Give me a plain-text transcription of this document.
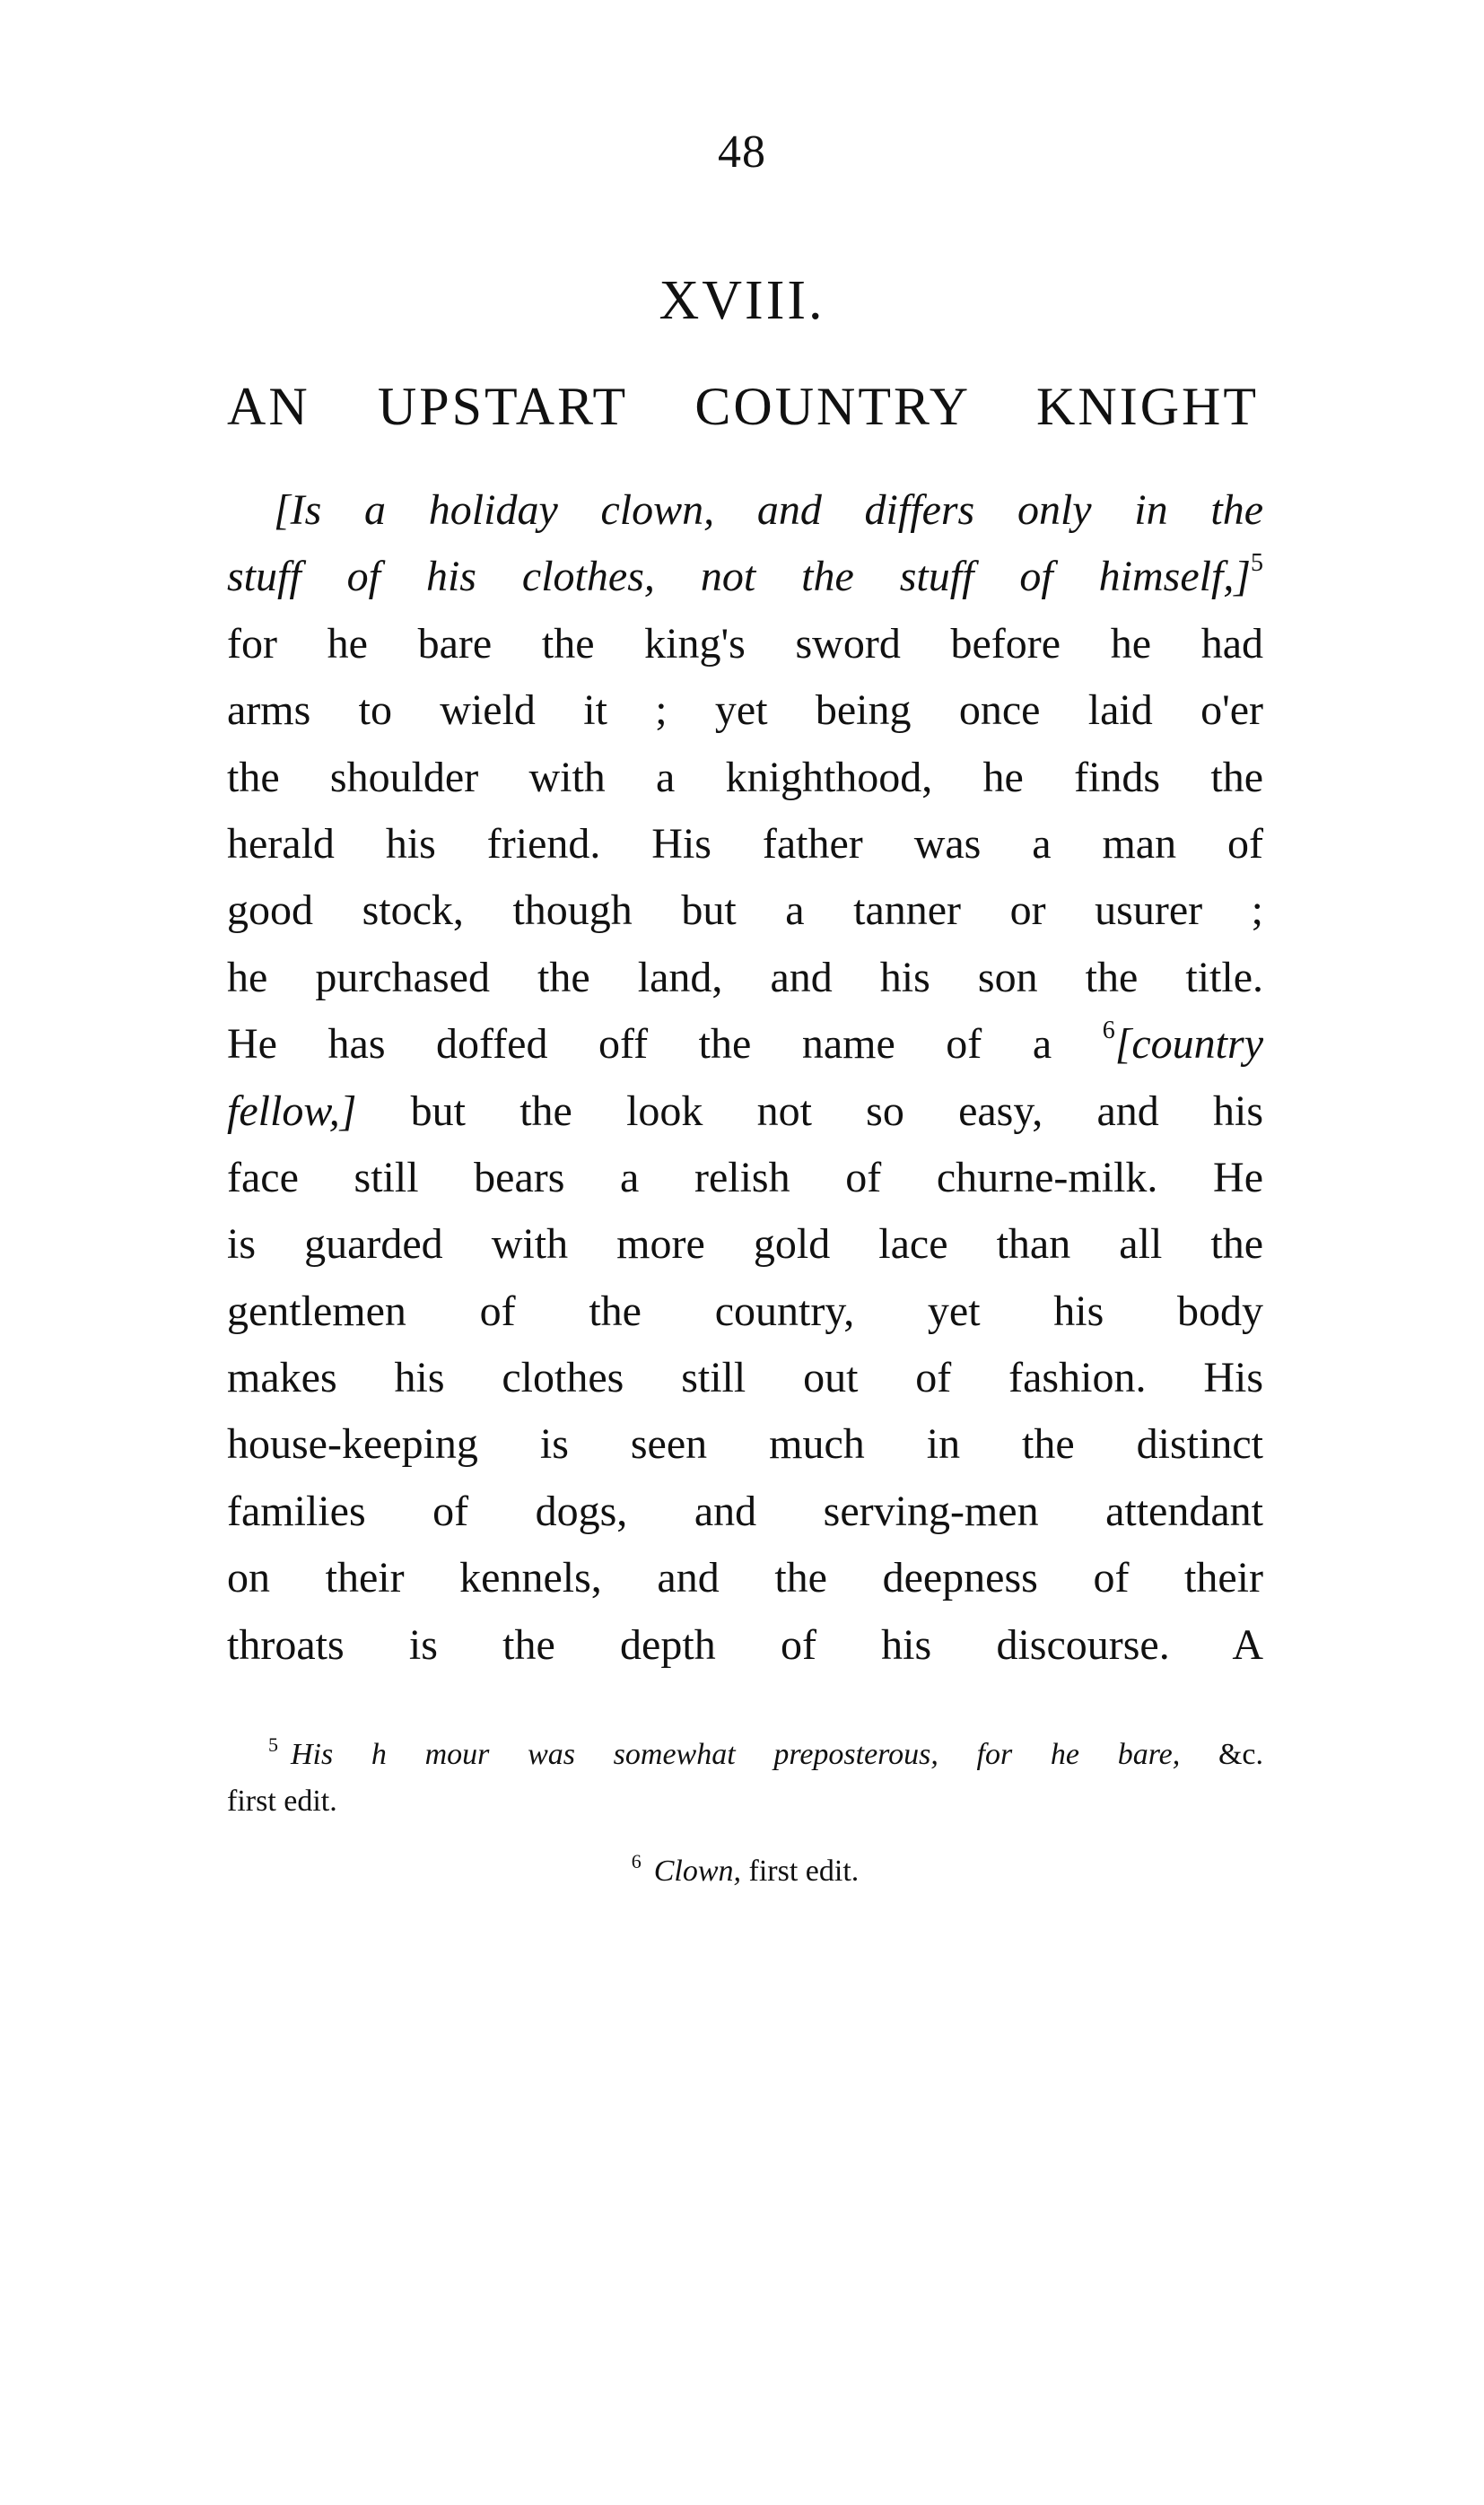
48
XVIII.
AN UPSTART COUNTRY KNIGHT
[Is a holiday clown, and differs only in the
stuff of his clothes, not the stuff of himself,]$^5$
for he bare the king's sword before he had
arms to wield it ; yet being once laid o'er
the shoulder with a knighthood, he finds the
herald his friend. His father was a man of
good stock, though but a tanner or usurer ;
he purchased the land, and his son the title.
He has doffed off the name of a $^6$[country
fellow,] but the look not so easy, and his
face still bears a relish of churne-milk. He
is guarded with more gold lace than all the
gentlemen of the country, yet his body
makes his clothes still out of fashion. His
house-keeping is seen much in the distinct
families of dogs, and serving-men attendant
on their kennels, and the deepness of their
throats is the depth of his discourse. A
$^5$ His h mour was somewhat preposterous, for he bare, &c.
first edit.
$^6$ Clown, first edit.
